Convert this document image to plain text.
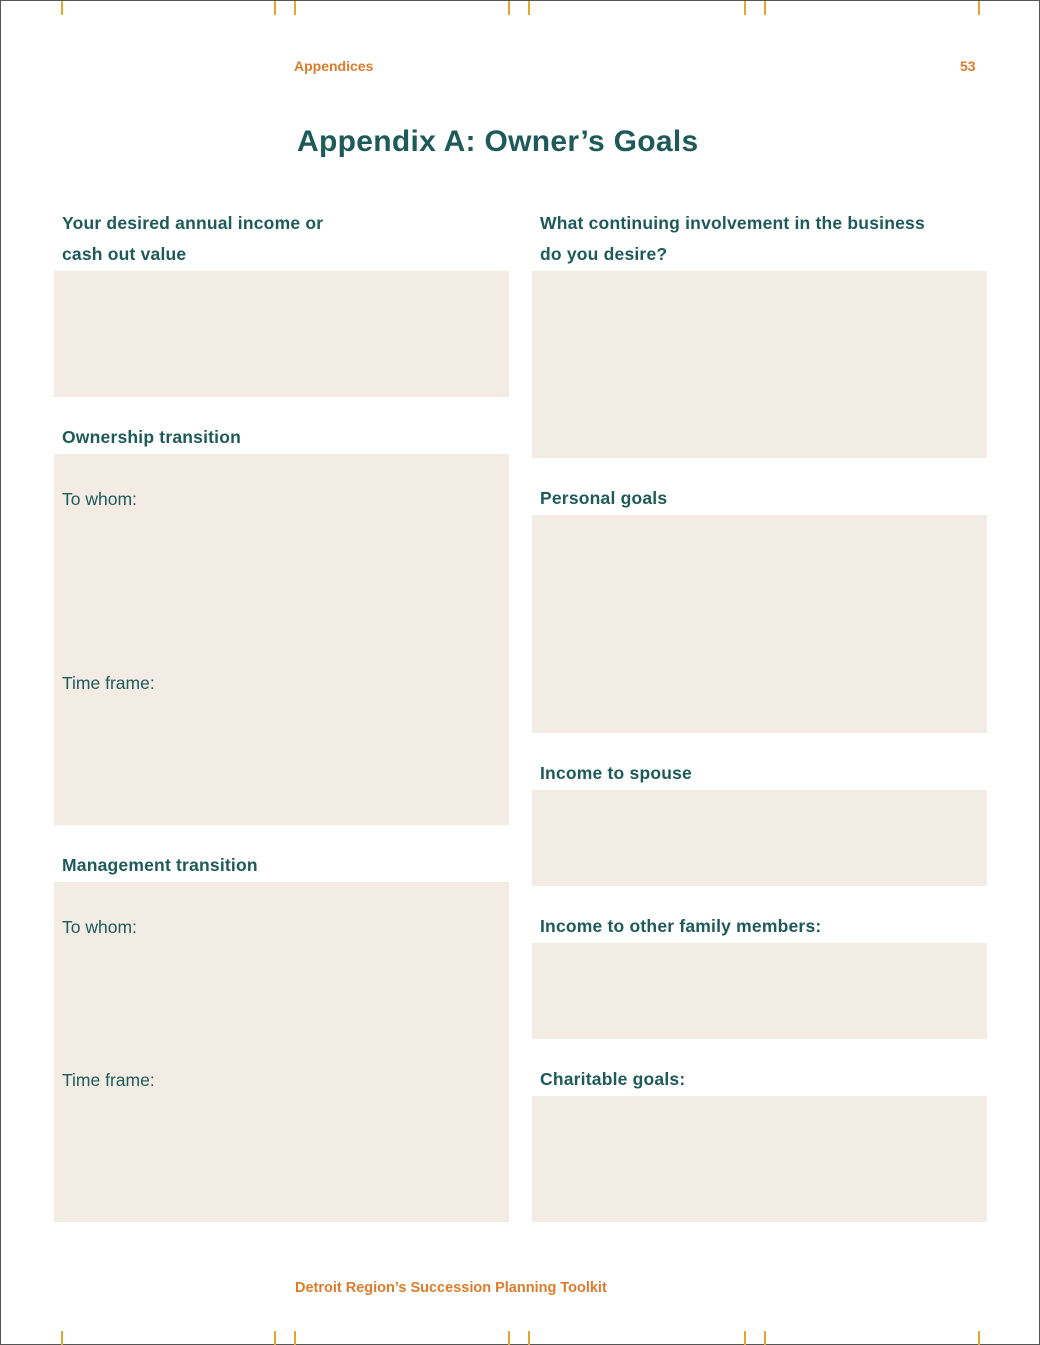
Appendices	53
Appendix A: Owner’s Goals
Your desired annual income or
cash out value
Ownership transition
To whom:
Time frame:
Management transition
To whom:
Time frame:
What continuing involvement in the business
do you desire?
Personal goals
Income to spouse
Income to other family members:
Charitable goals:
Detroit Region’s Succession Planning Toolkit
